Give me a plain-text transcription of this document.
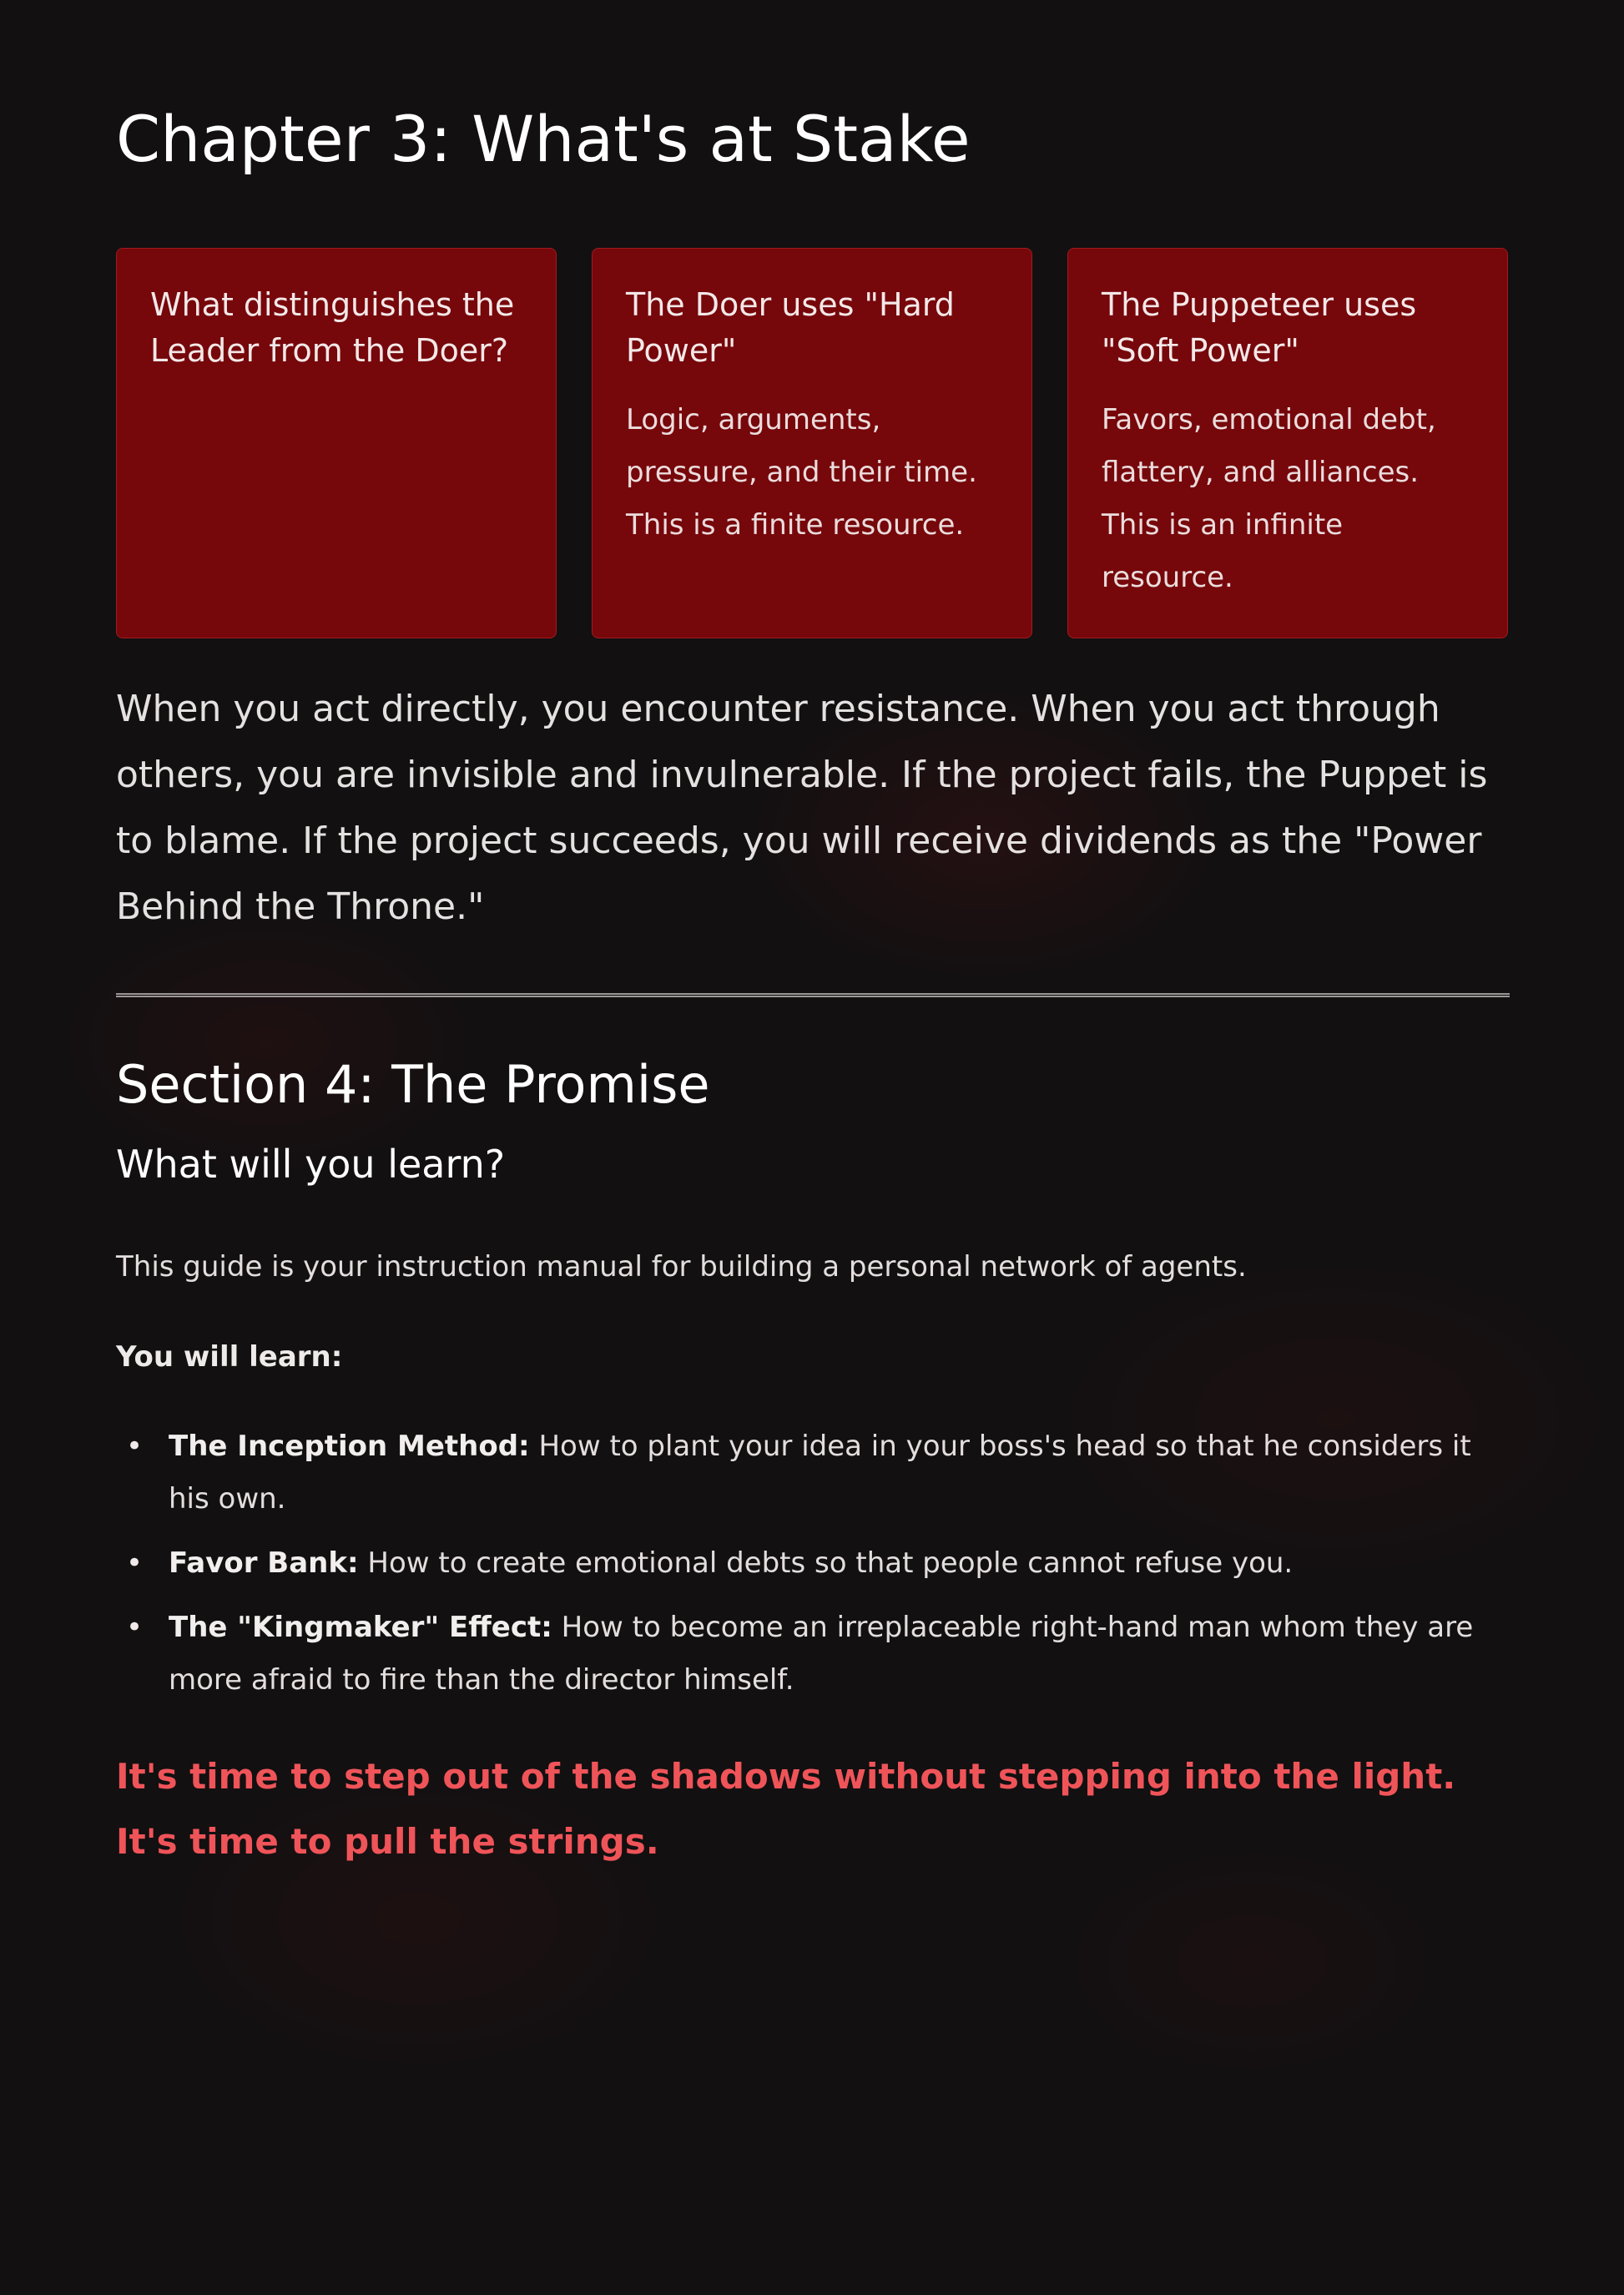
Chapter 3: What's at Stake
What distinguishes the Leader from the Doer?
The Doer uses "Hard Power"

Logic, arguments, pressure, and their time. This is a finite resource.

The Puppeteer uses "Soft Power"

Favors, emotional debt, flattery, and alliances. This is an infinite resource.

When you act directly, you encounter resistance. When you act through others, you are invisible and invulnerable. If the project fails, the Puppet is to blame. If the project succeeds, you will receive dividends as the "Power Behind the Throne."

Section 4: The Promise
What will you learn?

This guide is your instruction manual for building a personal network of agents.

You will learn:

• The Inception Method: How to plant your idea in your boss's head so that he considers it his own.
• Favor Bank: How to create emotional debts so that people cannot refuse you.
• The "Kingmaker" Effect: How to become an irreplaceable right-hand man whom they are more afraid to fire than the director himself.

It's time to step out of the shadows without stepping into the light. It's time to pull the strings.
